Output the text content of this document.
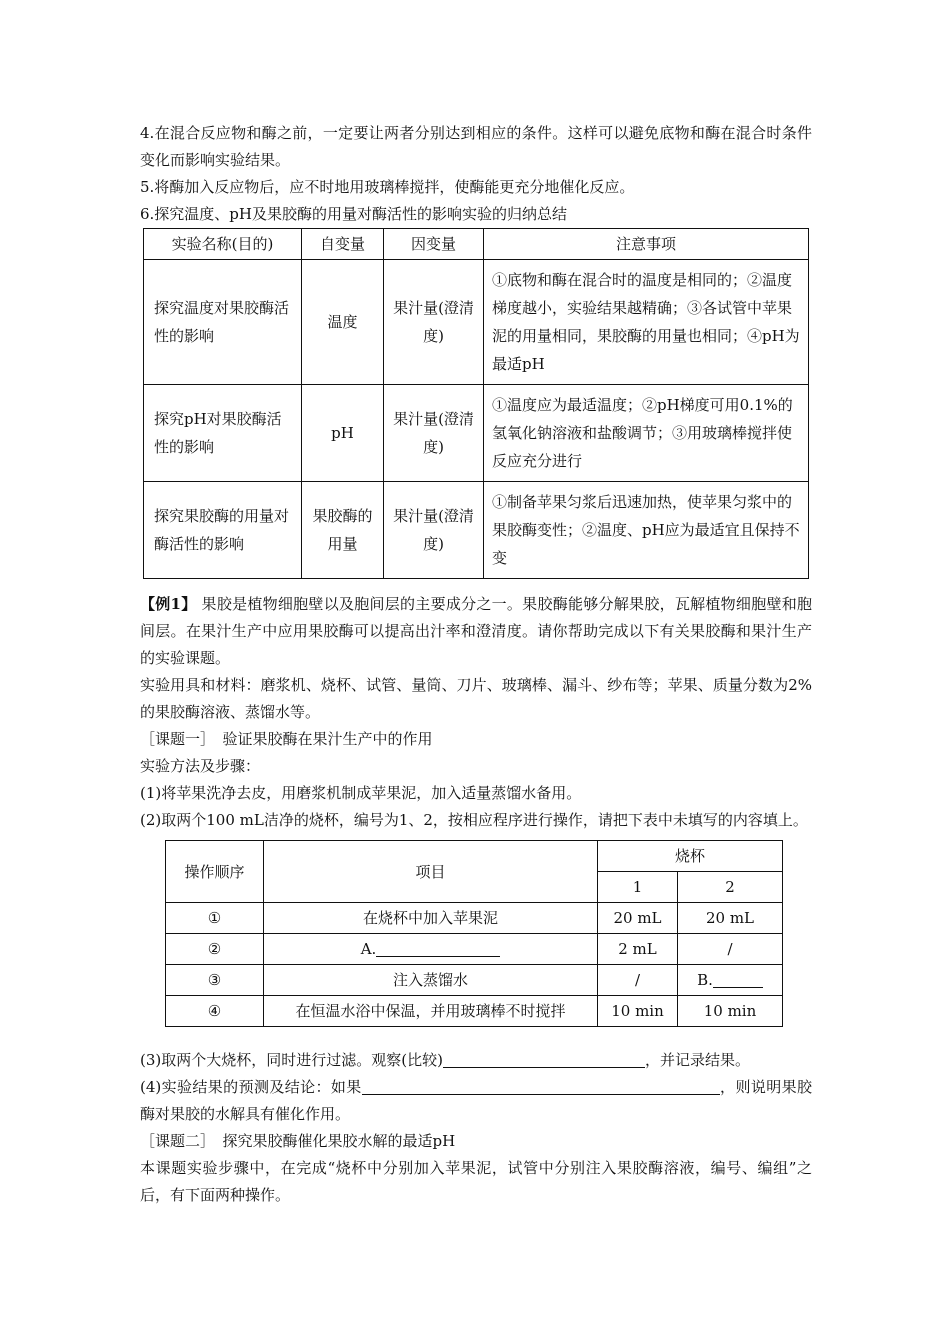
4.在混合反应物和酶之前，一定要让两者分别达到相应的条件。这样可以避免底物和酶在混合时条件变化而影响实验结果。

5.将酶加入反应物后，应不时地用玻璃棒搅拌，使酶能更充分地催化反应。

6.探究温度、pH及果胶酶的用量对酶活性的影响实验的归纳总结

实验名称(目的)	自变量	因变量	注意事项
探究温度对果胶酶活性的影响	温度	果汁量(澄清度)	①底物和酶在混合时的温度是相同的；②温度梯度越小，实验结果越精确；③各试管中苹果泥的用量相同，果胶酶的用量也相同；④pH为最适pH
探究pH对果胶酶活性的影响	pH	果汁量(澄清度)	①温度应为最适温度；②pH梯度可用0.1%的氢氧化钠溶液和盐酸调节；③用玻璃棒搅拌使反应充分进行
探究果胶酶的用量对酶活性的影响	果胶酶的用量	果汁量(澄清度)	①制备苹果匀浆后迅速加热，使苹果匀浆中的果胶酶变性；②温度、pH应为最适宜且保持不变

【例1】 果胶是植物细胞壁以及胞间层的主要成分之一。果胶酶能够分解果胶，瓦解植物细胞壁和胞间层。在果汁生产中应用果胶酶可以提高出汁率和澄清度。请你帮助完成以下有关果胶酶和果汁生产的实验课题。

实验用具和材料：磨浆机、烧杯、试管、量筒、刀片、玻璃棒、漏斗、纱布等；苹果、质量分数为2%的果胶酶溶液、蒸馏水等。

［课题一］　验证果胶酶在果汁生产中的作用

实验方法及步骤：

(1)将苹果洗净去皮，用磨浆机制成苹果泥，加入适量蒸馏水备用。

(2)取两个100 mL洁净的烧杯，编号为1、2，按相应程序进行操作，请把下表中未填写的内容填上。

操作顺序	项目	烧杯	
		1	2
①	在烧杯中加入苹果泥	20 mL	20 mL
②	A.	2 mL	/
③	注入蒸馏水	/	B.
④	在恒温水浴中保温，并用玻璃棒不时搅拌	10 min	10 min

(3)取两个大烧杯，同时进行过滤。观察(比较)	，并记录结果。

(4)实验结果的预测及结论：如果	，则说明果胶酶对果胶的水解具有催化作用。

［课题二］　探究果胶酶催化果胶水解的最适pH

本课题实验步骤中，在完成“烧杯中分别加入苹果泥，试管中分别注入果胶酶溶液，编号、编组”之后，有下面两种操作。
